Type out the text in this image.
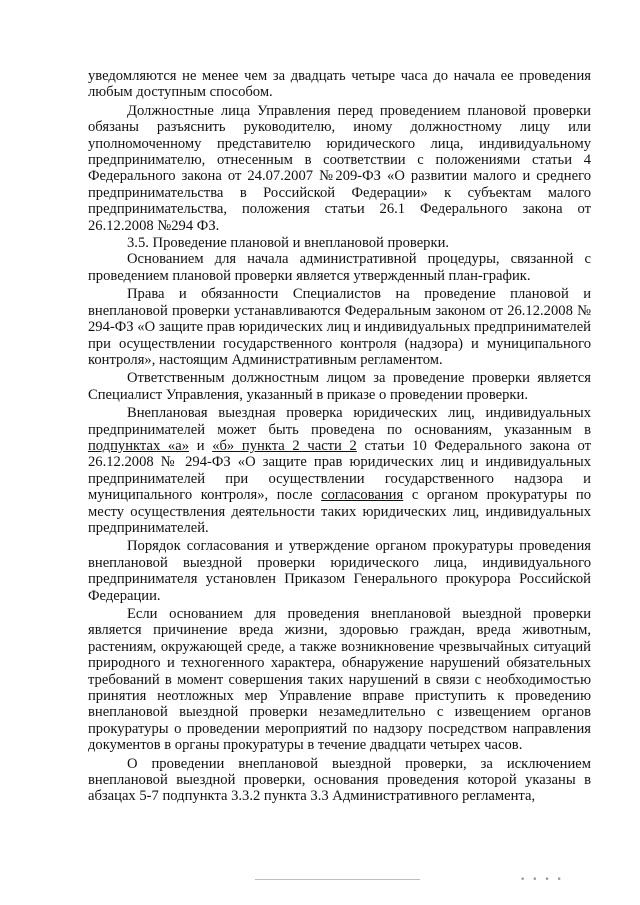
уведомляются не менее чем за двадцать четыре часа до начала ее проведения любым доступным способом.

Должностные лица Управления перед проведением плановой проверки обязаны разъяснить руководителю, иному должностному лицу или уполномоченному представителю юридического лица, индивидуальному предпринимателю, отнесенным в соответствии с положениями статьи 4 Федерального закона от 24.07.2007 №209-ФЗ «О развитии малого и среднего предпринимательства в Российской Федерации» к субъектам малого предпринимательства, положения статьи 26.1 Федерального закона от 26.12.2008 №294 ФЗ.

3.5. Проведение плановой и внеплановой проверки.

Основанием для начала административной процедуры, связанной с проведением плановой проверки является утвержденный план-график.

Права и обязанности Специалистов на проведение плановой и внеплановой проверки устанавливаются Федеральным законом от 26.12.2008 № 294-ФЗ «О защите прав юридических лиц и индивидуальных предпринимателей при осуществлении государственного контроля (надзора) и муниципального контроля», настоящим Административным регламентом.

Ответственным должностным лицом за проведение проверки является Специалист Управления, указанный в приказе о проведении проверки.

Внеплановая выездная проверка юридических лиц, индивидуальных предпринимателей может быть проведена по основаниям, указанным в подпунктах «а» и «б» пункта 2 части 2 статьи 10 Федерального закона от 26.12.2008 № 294-ФЗ «О защите прав юридических лиц и индивидуальных предпринимателей при осуществлении государственного надзора и муниципального контроля», после согласования с органом прокуратуры по месту осуществления деятельности таких юридических лиц, индивидуальных предпринимателей.

Порядок согласования и утверждение органом прокуратуры проведения внеплановой выездной проверки юридического лица, индивидуального предпринимателя установлен Приказом Генерального прокурора Российской Федерации.

Если основанием для проведения внеплановой выездной проверки является причинение вреда жизни, здоровью граждан, вреда животным, растениям, окружающей среде, а также возникновение чрезвычайных ситуаций природного и техногенного характера, обнаружение нарушений обязательных требований в момент совершения таких нарушений в связи с необходимостью принятия неотложных мер Управление вправе приступить к проведению внеплановой выездной проверки незамедлительно с извещением органов прокуратуры о проведении мероприятий по надзору посредством направления документов в органы прокуратуры в течение двадцати четырех часов.

О проведении внеплановой выездной проверки, за исключением внеплановой выездной проверки, основания проведения которой указаны в абзацах 5-7 подпункта 3.3.2 пункта 3.3 Административного регламента,

• • • •
